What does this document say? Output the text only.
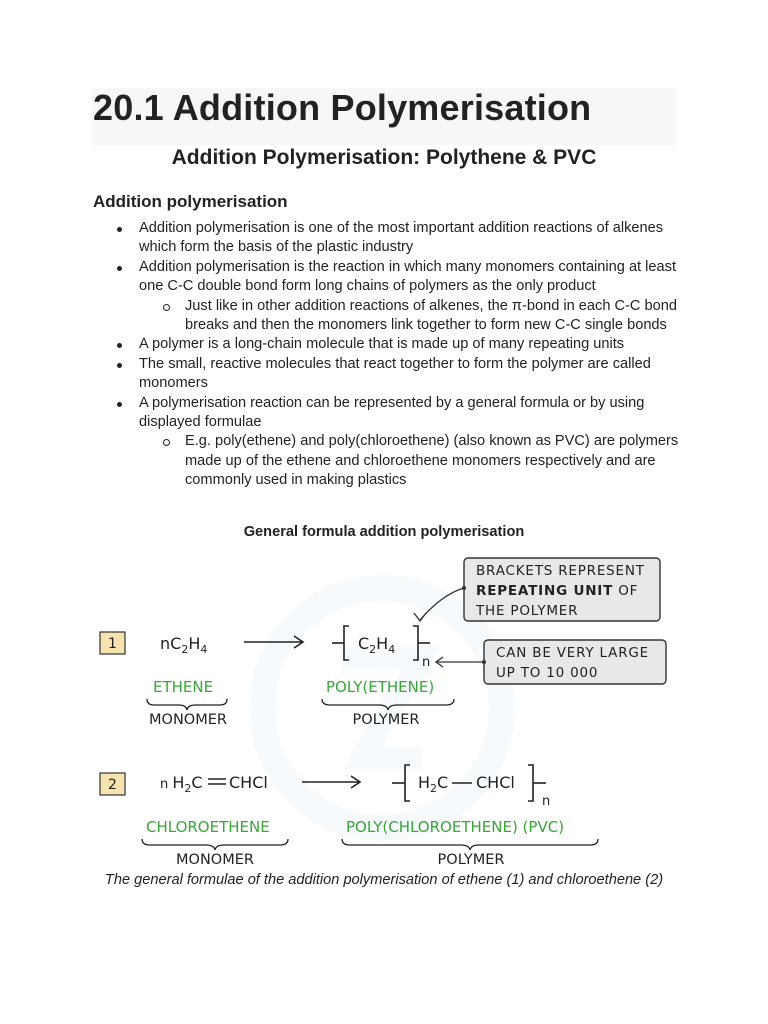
20.1 Addition Polymerisation
Addition Polymerisation: Polythene & PVC
Addition polymerisation
Addition polymerisation is one of the most important addition reactions of alkenes which form the basis of the plastic industry
Addition polymerisation is the reaction in which many monomers containing at least one C-C double bond form long chains of polymers as the only product
Just like in other addition reactions of alkenes, the π-bond in each C-C bond breaks and then the monomers link together to form new C-C single bonds
A polymer is a long-chain molecule that is made up of many repeating units
The small, reactive molecules that react together to form the polymer are called monomers
A polymerisation reaction can be represented by a general formula or by using displayed formulae
E.g. poly(ethene) and poly(chloroethene) (also known as PVC) are polymers made up of the ethene and chloroethene monomers respectively and are commonly used in making plastics

General formula addition polymerisation

BRACKETS REPRESENT
REPEATING UNIT OF
THE POLYMER
CAN BE VERY LARGE
UP TO 10 000
1	$nC_2H_4$	$C_2H_4$
n
ETHENE	POLY(ETHENE)
MONOMER	POLYMER
2	n $H_2C$ CHCl	$H_2C$ CHCl
n
CHLOROETHENE	POLY(CHLOROETHENE) (PVC)
MONOMER	POLYMER

The general formulae of the addition polymerisation of ethene (1) and chloroethene (2)
